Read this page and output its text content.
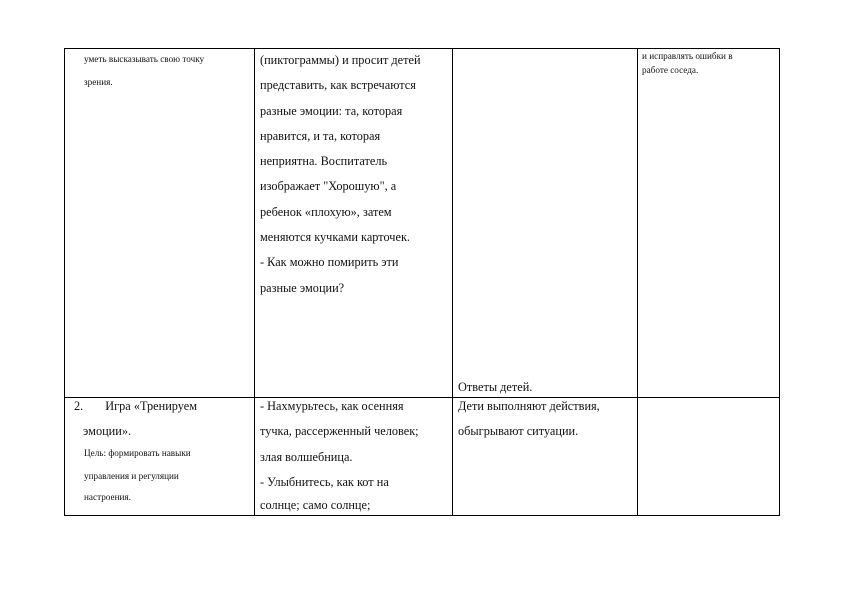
уметь высказывать свою точку
зрения.
(пиктограммы) и просит детей
представить, как встречаются
разные эмоции: та, которая
нравится, и та, которая
неприятна. Воспитатель
изображает "Хорошую", а
ребенок «плохую», затем
меняются кучками карточек.
- Как можно помирить эти
разные эмоции?
Ответы детей.
и исправлять ошибки в
работе соседа.
2. Игра «Тренируем
эмоции».
Цель: формировать навыки
управления и регуляции
настроения.
- Нахмурьтесь, как осенняя
тучка, рассерженный человек;
злая волшебница.
- Улыбнитесь, как кот на
солнце; само солнце;
Дети выполняют действия,
обыгрывают ситуации.
